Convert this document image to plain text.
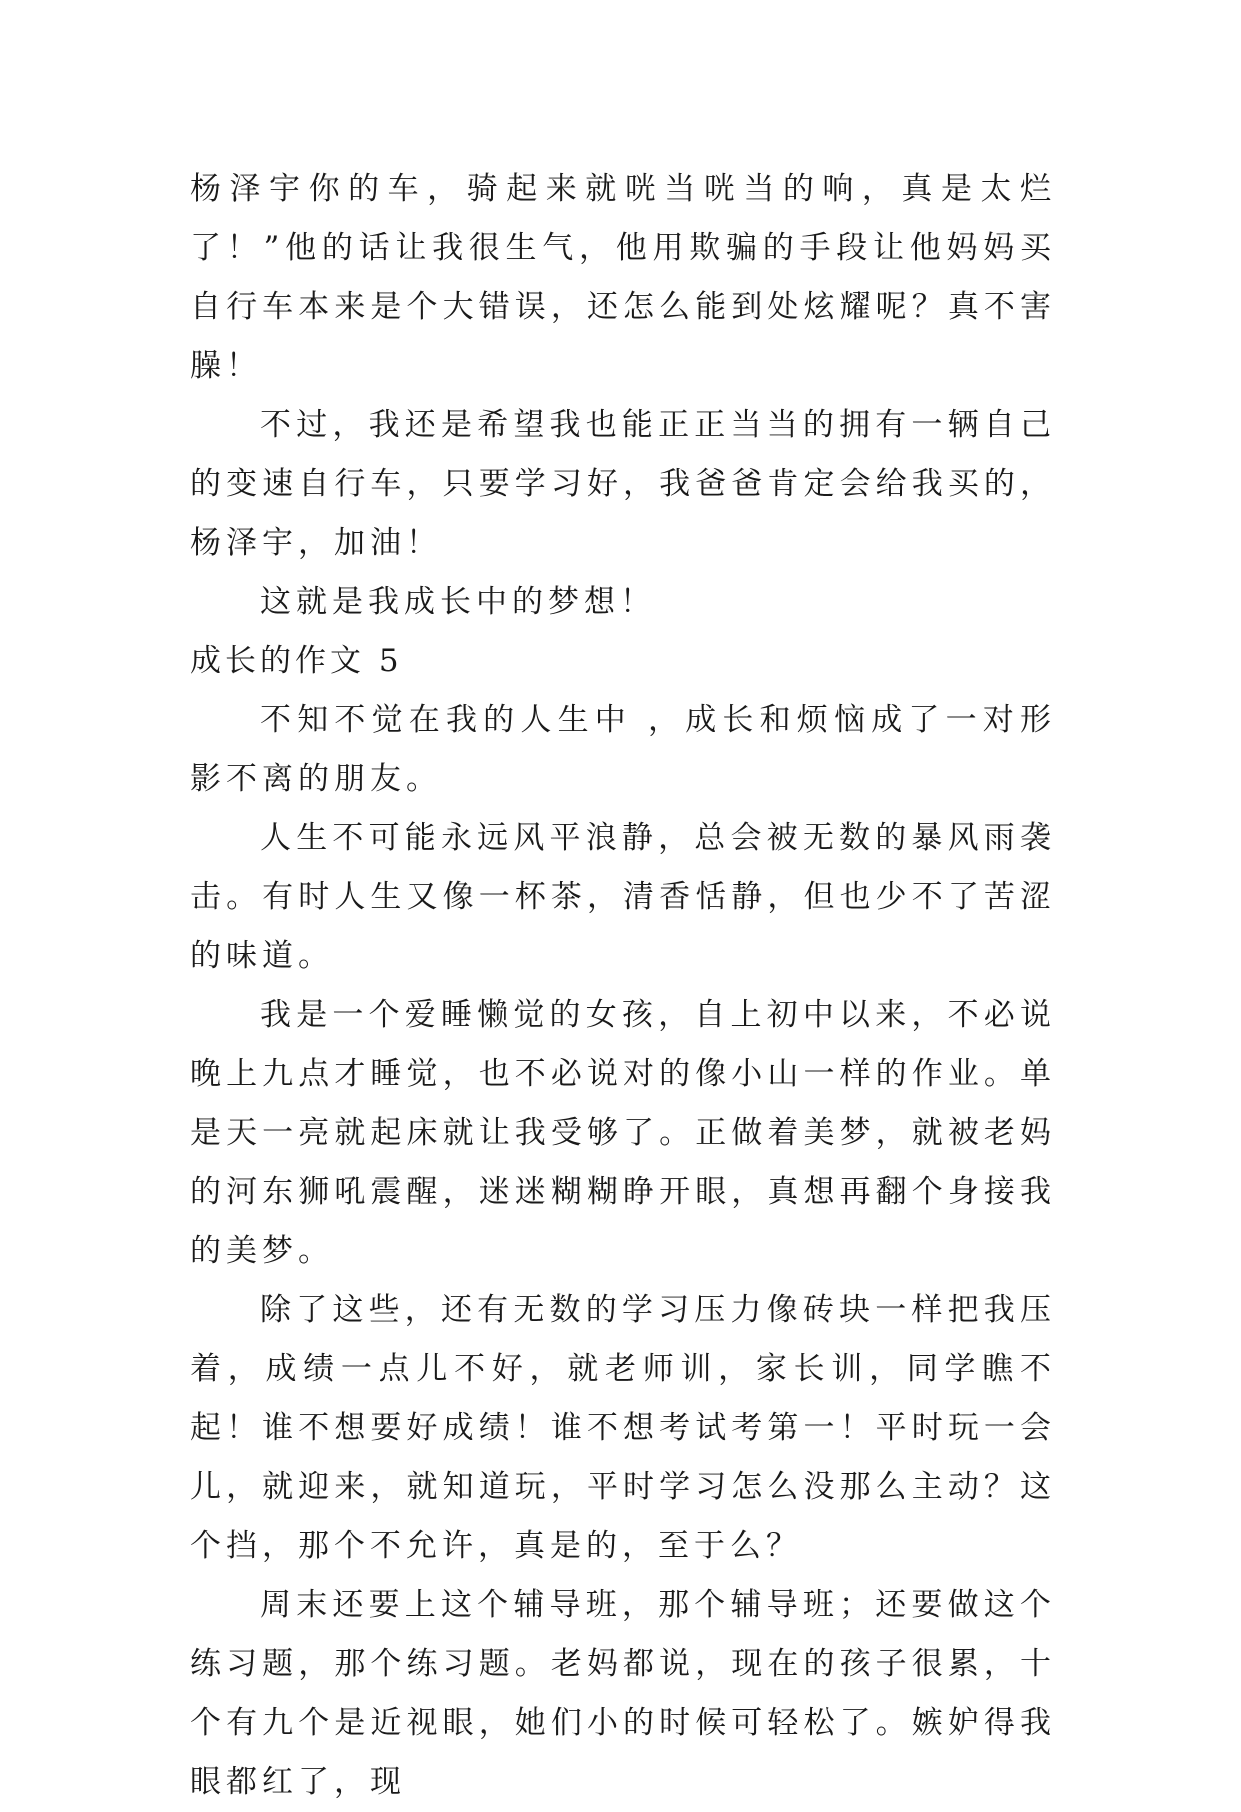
杨泽宇你的车，骑起来就咣当咣当的响，真是太烂了！”他的话让我很生气，他用欺骗的手段让他妈妈买自行车本来是个大错误，还怎么能到处炫耀呢？真不害臊！

不过，我还是希望我也能正正当当的拥有一辆自己的变速自行车，只要学习好，我爸爸肯定会给我买的，杨泽宇，加油！

这就是我成长中的梦想！

成长的作文 5

不知不觉在我的人生中 ，成长和烦恼成了一对形影不离的朋友。

人生不可能永远风平浪静，总会被无数的暴风雨袭击。有时人生又像一杯茶，清香恬静，但也少不了苦涩的味道。

我是一个爱睡懒觉的女孩，自上初中以来，不必说晚上九点才睡觉，也不必说对的像小山一样的作业。单是天一亮就起床就让我受够了。正做着美梦，就被老妈的河东狮吼震醒，迷迷糊糊睁开眼，真想再翻个身接我的美梦。

除了这些，还有无数的学习压力像砖块一样把我压着，成绩一点儿不好，就老师训，家长训，同学瞧不起！谁不想要好成绩！谁不想考试考第一！平时玩一会儿，就迎来，就知道玩，平时学习怎么没那么主动？这个挡，那个不允许，真是的，至于么？

周末还要上这个辅导班，那个辅导班；还要做这个练习题，那个练习题。老妈都说，现在的孩子很累，十个有九个是近视眼，她们小的时候可轻松了。嫉妒得我眼都红了，现
